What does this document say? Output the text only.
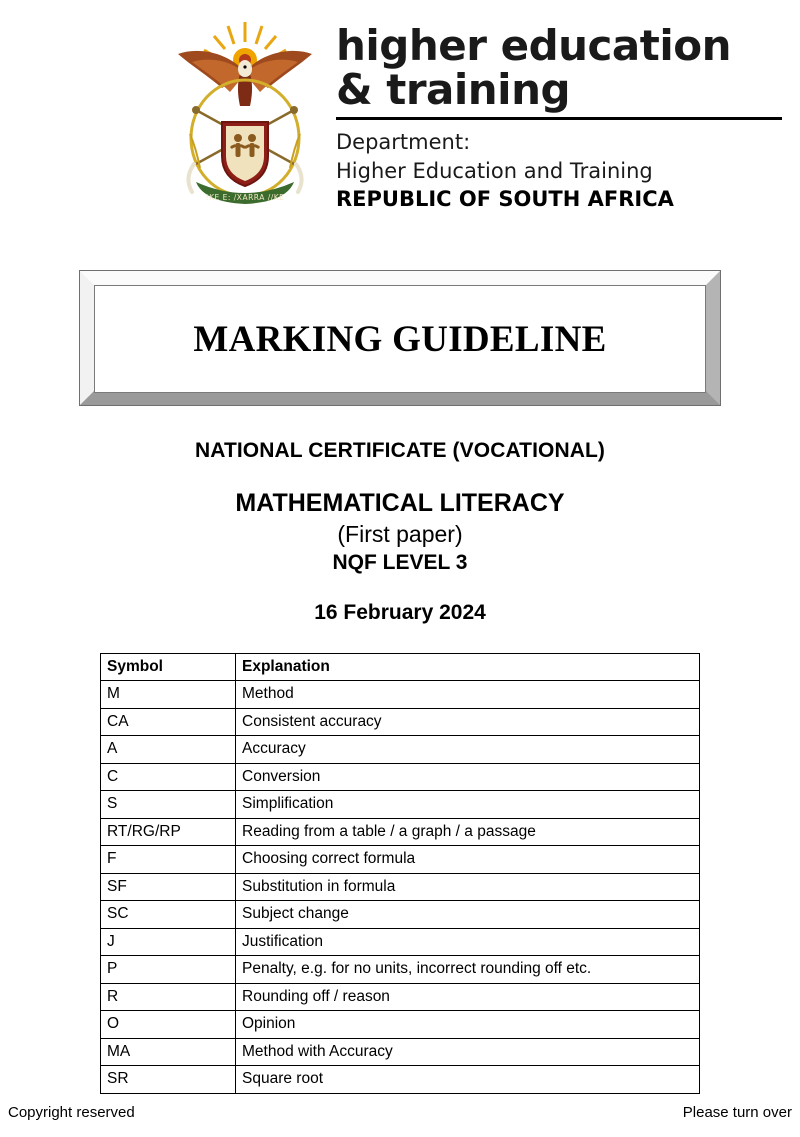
!KE E: /XARRA //KE
higher education
& training
Department:
Higher Education and Training
REPUBLIC OF SOUTH AFRICA
MARKING GUIDELINE
NATIONAL CERTIFICATE (VOCATIONAL)
MATHEMATICAL LITERACY
(First paper)
NQF LEVEL 3
16 February 2024
Symbol	Explanation
M	Method
CA	Consistent accuracy
A	Accuracy
C	Conversion
S	Simplification
RT/RG/RP	Reading from a table / a graph / a passage
F	Choosing correct formula
SF	Substitution in formula
SC	Subject change
J	Justification
P	Penalty, e.g. for no units, incorrect rounding off etc.
R	Rounding off / reason
O	Opinion
MA	Method with Accuracy
SR	Square root
Copyright reserved	Please turn over
